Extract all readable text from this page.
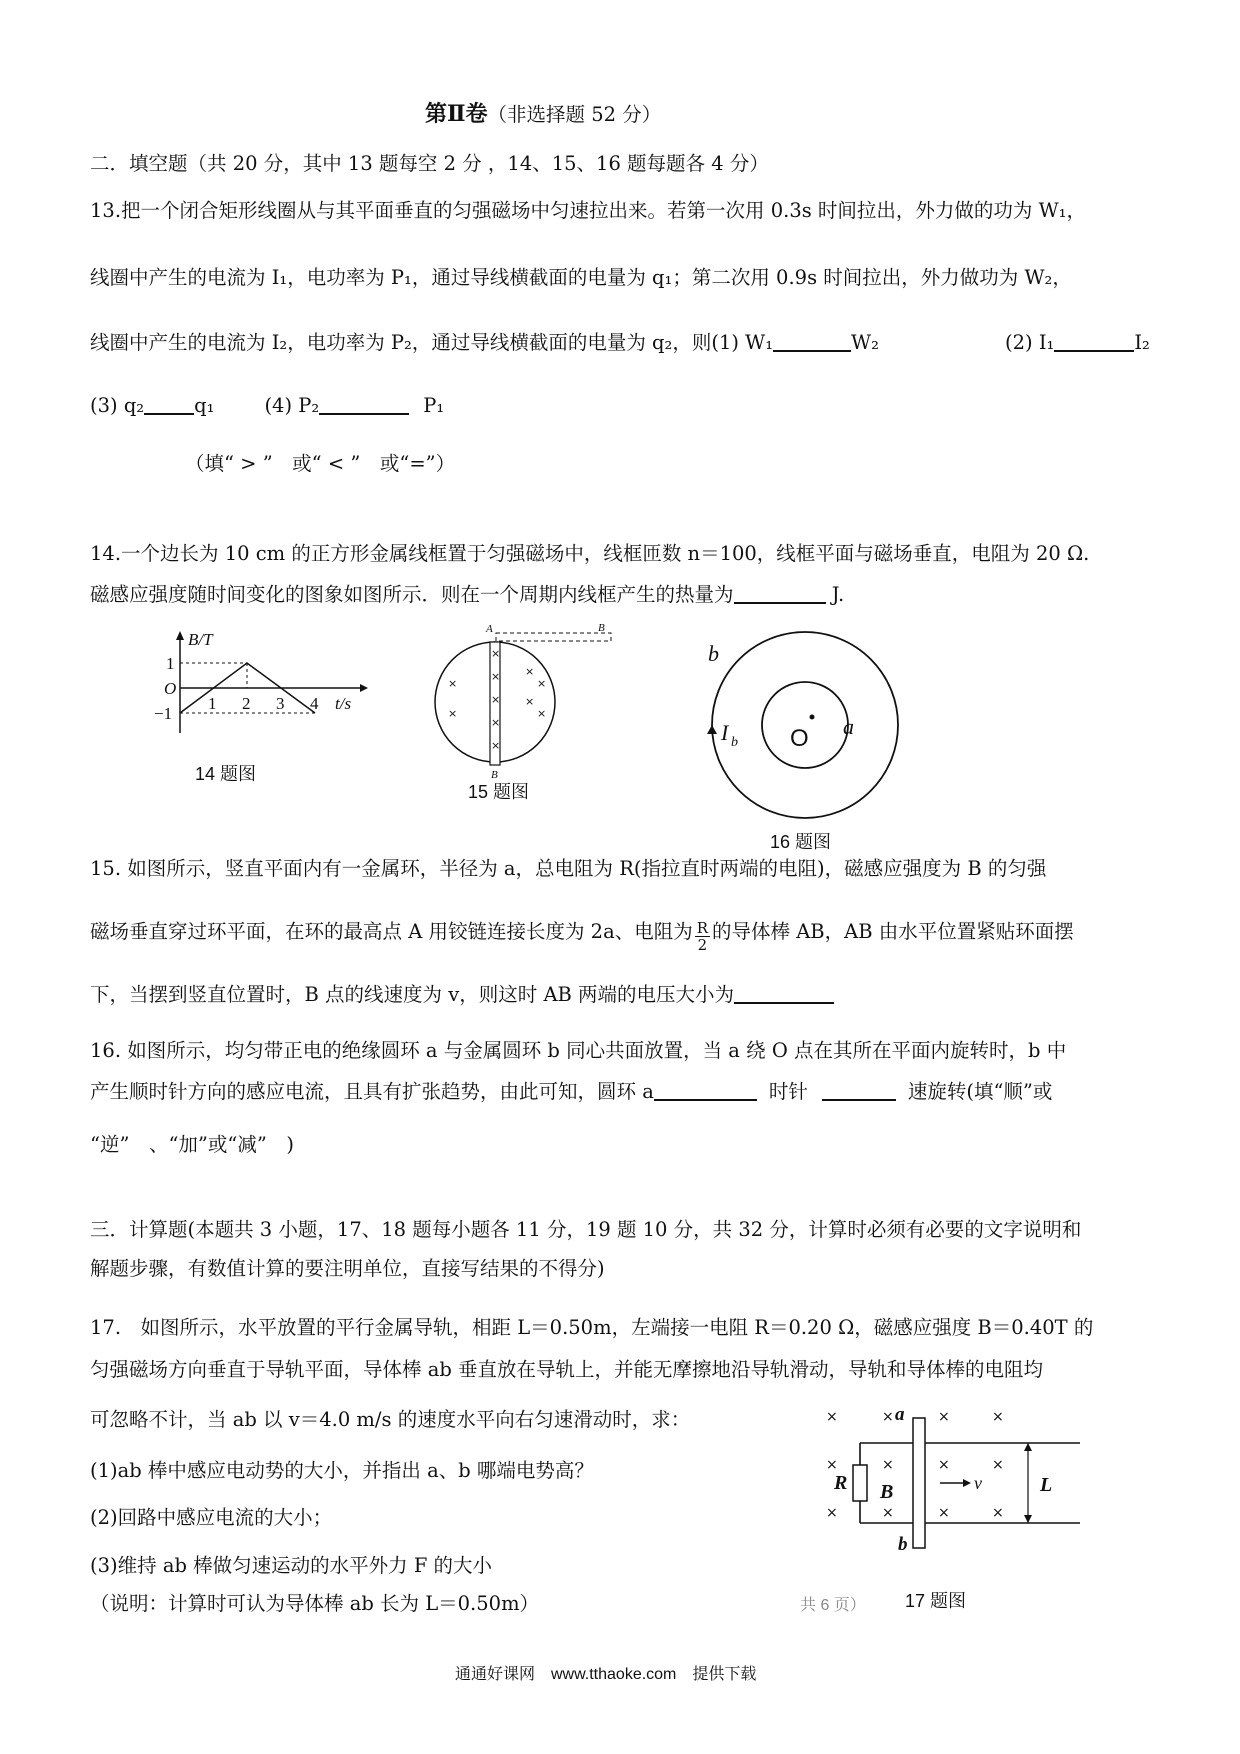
第Ⅱ卷（非选择题 52 分）
二．填空题（共 20 分，其中 13 题每空 2 分 ，14、15、16 题每题各 4 分）
13.把一个闭合矩形线圈从与其平面垂直的匀强磁场中匀速拉出来。若第一次用 0.3s 时间拉出，外力做的功为 W₁，
线圈中产生的电流为 I₁，电功率为 P₁，通过导线横截面的电量为 q₁；第二次用 0.9s 时间拉出，外力做功为 W₂，
线圈中产生的电流为 I₂，电功率为 P₂，通过导线横截面的电量为 q₂，则(1) W₁	W₂	(2) I₁	I₂
(3) q₂	q₁	(4) P₂	P₁
（填“ > ”　或“ < ”　或“=”）
14.一个边长为 10 cm 的正方形金属线框置于匀强磁场中，线框匝数 n＝100，线框平面与磁场垂直，电阻为 20 Ω.
磁感应强度随时间变化的图象如图所示．则在一个周期内线框产生的热量为	J.
B/T
t/s
O
1
−1
1 2 3 4
14 题图
A	B
B
×
×
×
×
×
×
×
×
×
×
×
15 题图
b
a
I b O
16 题图
15. 如图所示，竖直平面内有一金属环，半径为 a，总电阻为 R(指拉直时两端的电阻)，磁感应强度为 B 的匀强
磁场垂直穿过环平面，在环的最高点 A 用铰链连接长度为 2a、电阻为 $\frac{R}{2}$ 的导体棒 AB，AB 由水平位置紧贴环面摆
下，当摆到竖直位置时，B 点的线速度为 v，则这时 AB 两端的电压大小为
16. 如图所示，均匀带正电的绝缘圆环 a 与金属圆环 b 同心共面放置，当 a 绕 O 点在其所在平面内旋转时，b 中
产生顺时针方向的感应电流，且具有扩张趋势，由此可知，圆环 a	时针	速旋转(填“顺”或
“逆”　、“加”或“减”　)
三．计算题(本题共 3 小题，17、18 题每小题各 11 分，19 题 10 分，共 32 分，计算时必须有必要的文字说明和
解题步骤，有数值计算的要注明单位，直接写结果的不得分)
17.　如图所示，水平放置的平行金属导轨，相距 L＝0.50m，左端接一电阻 R＝0.20 Ω，磁感应强度 B＝0.40T 的
匀强磁场方向垂直于导轨平面，导体棒 ab 垂直放在导轨上，并能无摩擦地沿导轨滑动，导轨和导体棒的电阻均
可忽略不计，当 ab 以 v＝4.0 m/s 的速度水平向右匀速滑动时，求：
(1)ab 棒中感应电动势的大小，并指出 a、b 哪端电势高？
(2)回路中感应电流的大小；
(3)维持 ab 棒做匀速运动的水平外力 F 的大小
（说明：计算时可认为导体棒 ab 长为 L＝0.50m）
a
b
R B	v	L
×	×	×	×
×	×	×	×
×	×	×	×
共 6 页） 17 题图
通通好课网　www.tthaoke.com　提供下载
